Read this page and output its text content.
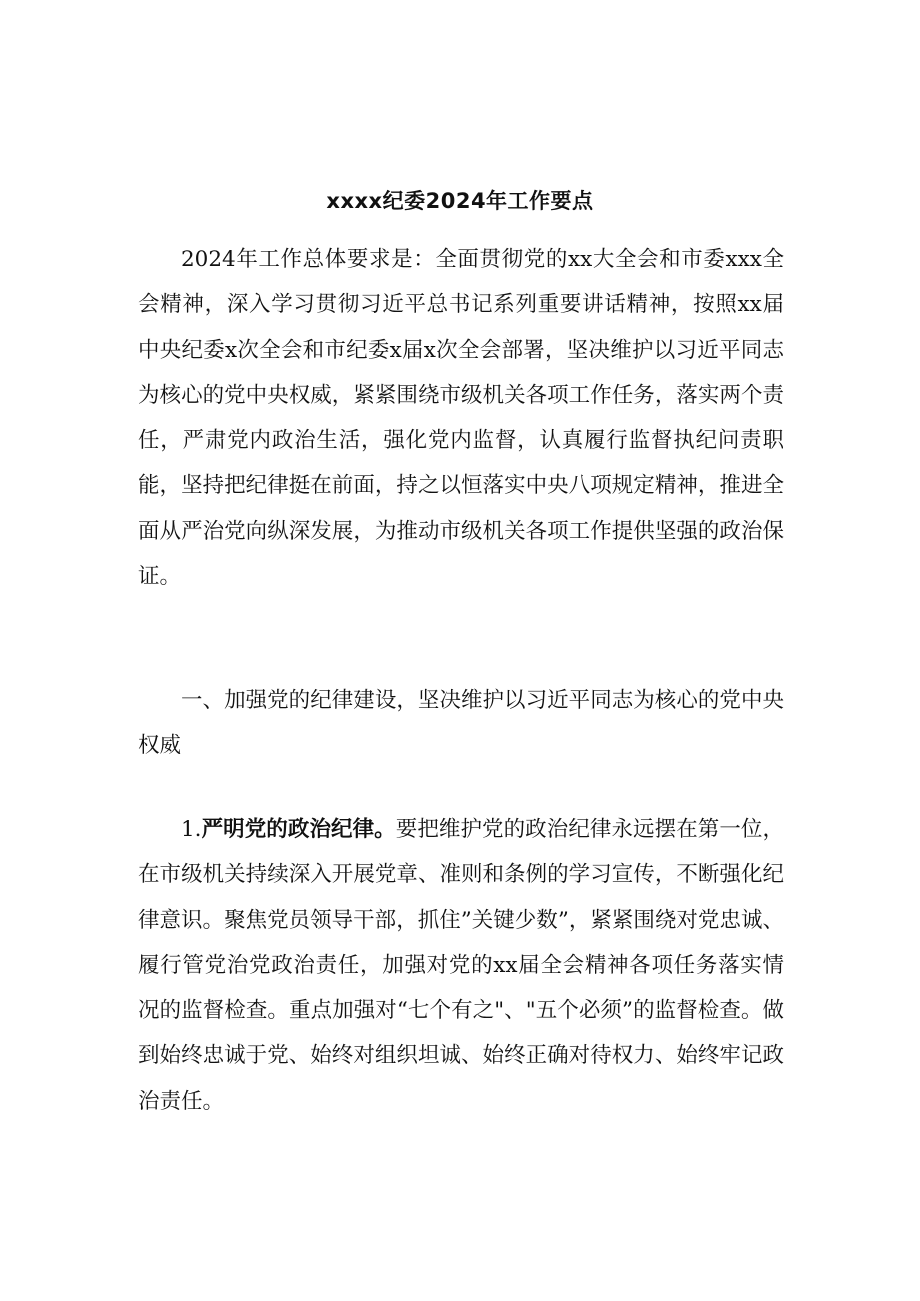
xxxx纪委2024年工作要点

2024年工作总体要求是：全面贯彻党的xx大全会和市委xxx全会精神，深入学习贯彻习近平总书记系列重要讲话精神，按照xx届中央纪委x次全会和市纪委x届x次全会部署，坚决维护以习近平同志为核心的党中央权威，紧紧围绕市级机关各项工作任务，落实两个责任，严肃党内政治生活，强化党内监督，认真履行监督执纪问责职能，坚持把纪律挺在前面，持之以恒落实中央八项规定精神，推进全面从严治党向纵深发展，为推动市级机关各项工作提供坚强的政治保证。

一、加强党的纪律建设，坚决维护以习近平同志为核心的党中央权威

1.严明党的政治纪律。要把维护党的政治纪律永远摆在第一位，在市级机关持续深入开展党章、准则和条例的学习宣传，不断强化纪律意识。聚焦党员领导干部，抓住”关键少数”，紧紧围绕对党忠诚、履行管党治党政治责任，加强对党的xx届全会精神各项任务落实情况的监督检查。重点加强对“七个有之"、"五个必须”的监督检查。做到始终忠诚于党、始终对组织坦诚、始终正确对待权力、始终牢记政治责任。
